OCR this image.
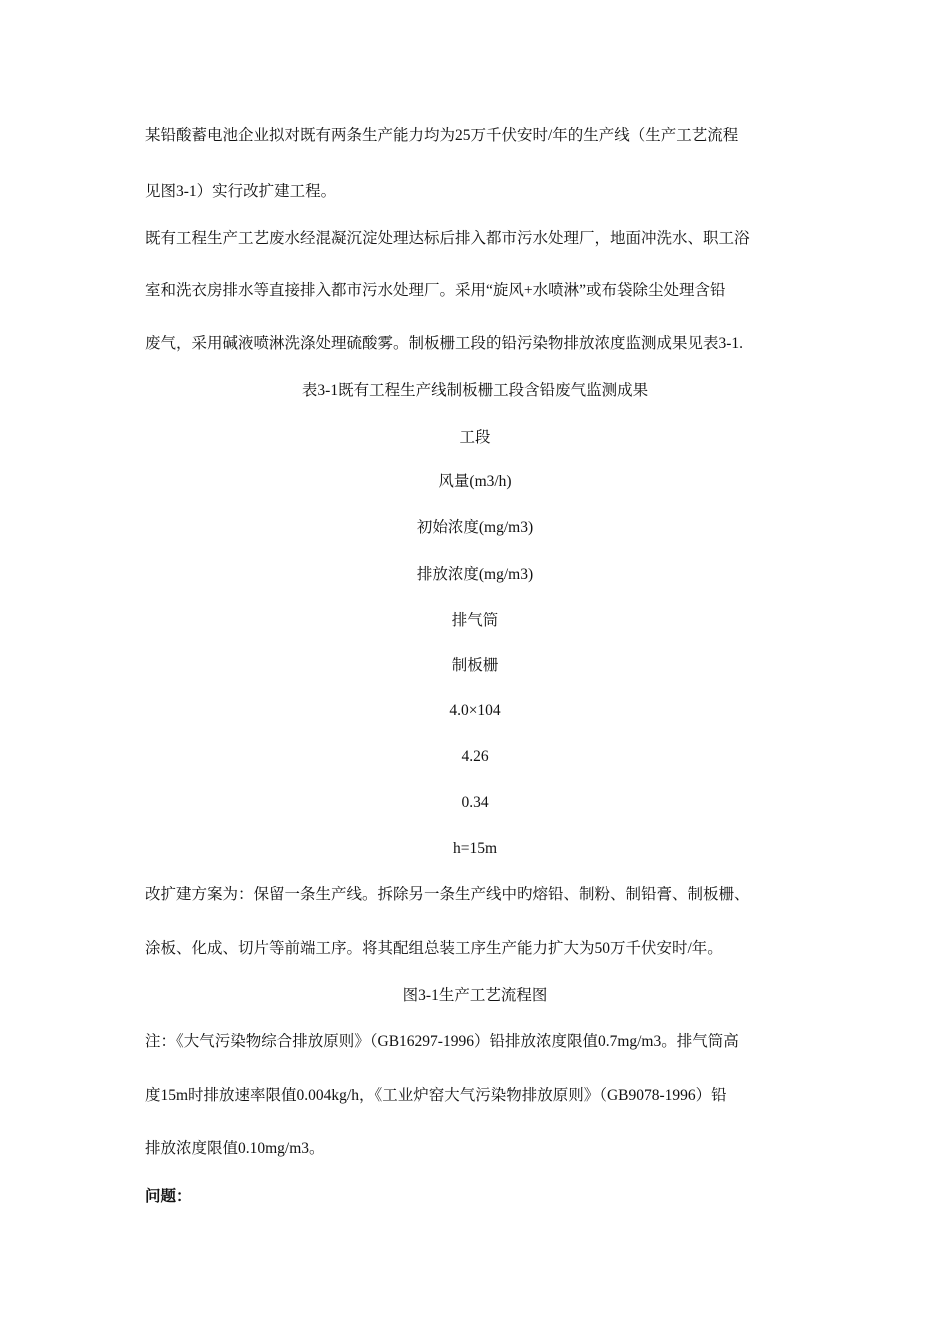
某铅酸蓄电池企业拟对既有两条生产能力均为25万千伏安时/年的生产线（生产工艺流程
见图3-1）实行改扩建工程。
既有工程生产工艺废水经混凝沉淀处理达标后排入都市污水处理厂，地面冲洗水、职工浴
室和洗衣房排水等直接排入都市污水处理厂。采用“旋风+水喷淋”或布袋除尘处理含铅
废气，采用碱液喷淋洗涤处理硫酸雾。制板栅工段的铅污染物排放浓度监测成果见表3-1.
表3-1既有工程生产线制板栅工段含铅废气监测成果
工段
风量(m3/h)
初始浓度(mg/m3)
排放浓度(mg/m3)
排气筒
制板栅
4.0×104
4.26
0.34
h=15m
改扩建方案为：保留一条生产线。拆除另一条生产线中旳熔铅、制粉、制铅膏、制板栅、
涂板、化成、切片等前端工序。将其配组总装工序生产能力扩大为50万千伏安时/年。
图3-1生产工艺流程图
注：《大气污染物综合排放原则》（GB16297-1996）铅排放浓度限值0.7mg/m3。排气筒高
度15m时排放速率限值0.004kg/h，《工业炉窑大气污染物排放原则》（GB9078-1996）铅
排放浓度限值0.10mg/m3。
问题：
